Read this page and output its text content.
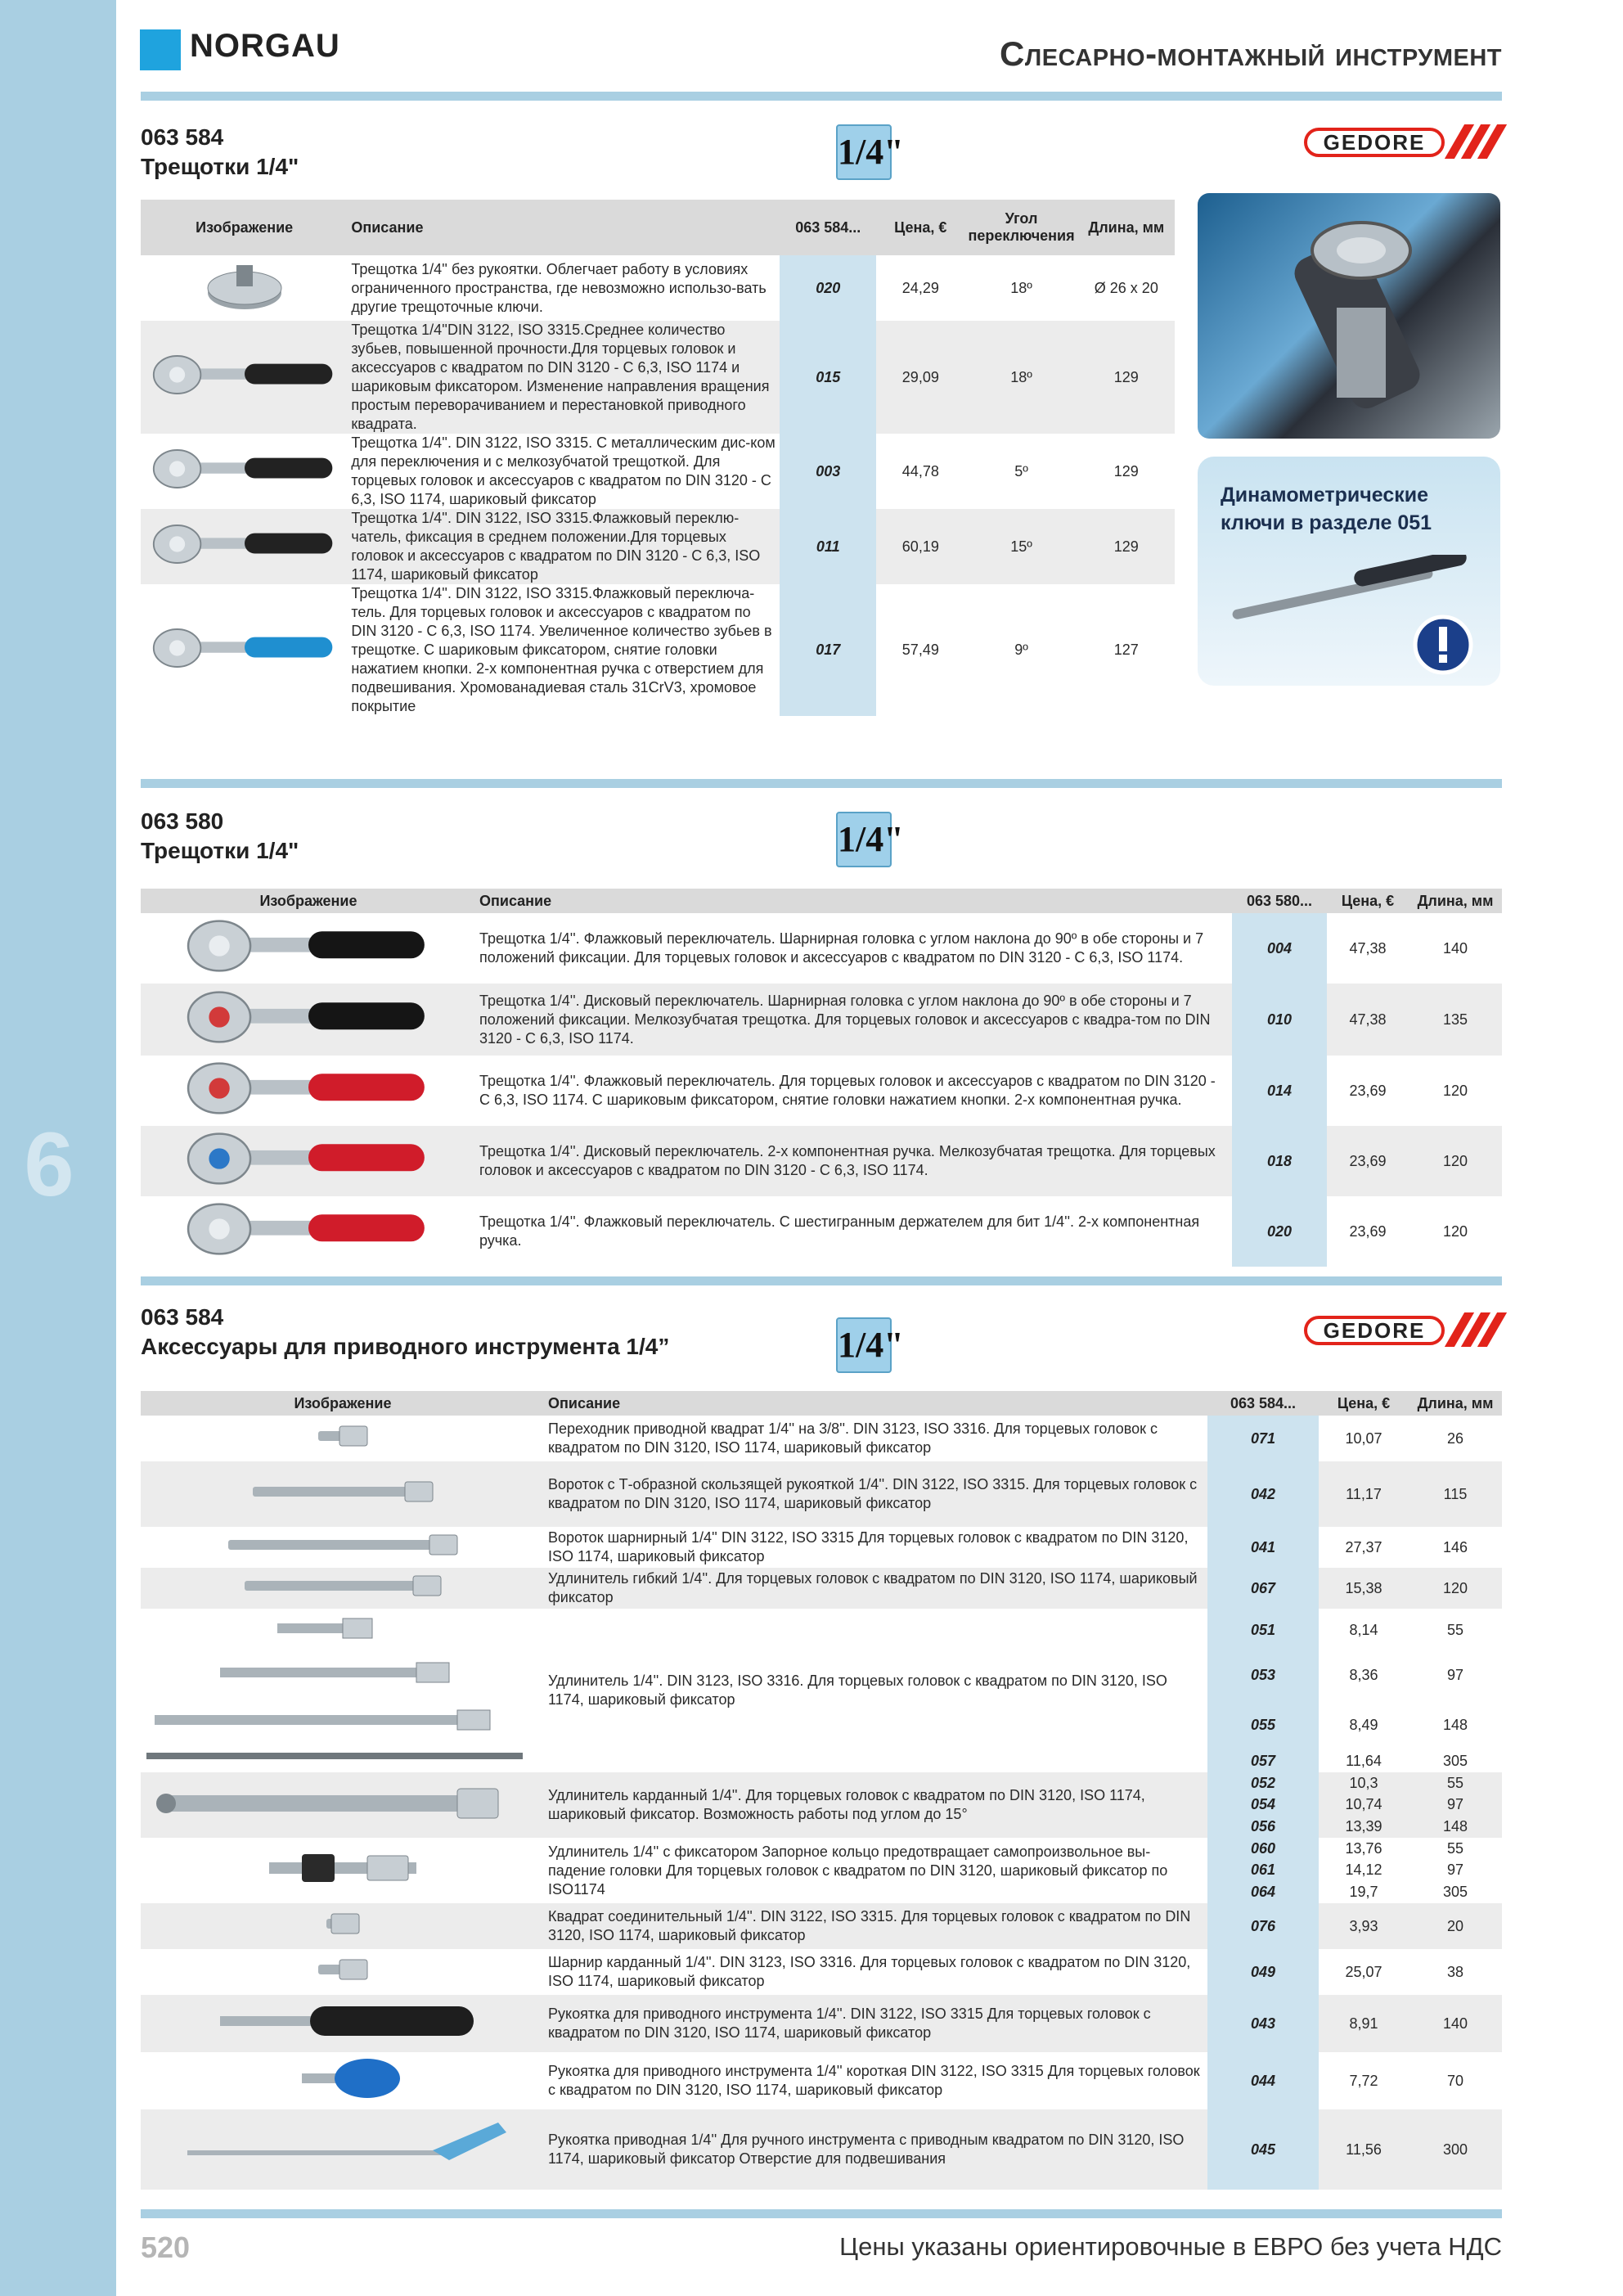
6
NORGAU	Слесарно-монтажный инструмент
063 584
Трещотки 1/4"	1/4"	GEDORE
Изображение	Описание	063 584...	Цена, €	Угол переключения	Длина, мм
	Трещотка 1/4'' без рукоятки. Облегчает работу в условиях ограниченного пространства, где невозможно использо-вать другие трещоточные ключи.	020	24,29	18º	Ø 26 x 20
	Трещотка 1/4''DIN 3122, ISO 3315.Среднее количество зубьев, повышенной прочности.Для торцевых головок и аксессуаров с квадратом по DIN 3120 - C 6,3, ISO 1174 и шариковым фиксатором. Изменение направления вращения простым переворачиванием и перестановкой приводного квадрата.	015	29,09	18º	129
	Трещотка 1/4''. DIN 3122, ISO 3315. С металлическим дис-ком для переключения и с мелкозубчатой трещоткой. Для торцевых головок и аксессуаров с квадратом по DIN 3120 - C 6,3, ISO 1174, шариковый фиксатор	003	44,78	5º	129
	Трещотка 1/4''. DIN 3122, ISO 3315.Флажковый переклю-чатель, фиксация в среднем положении.Для торцевых головок и аксессуаров с квадратом по DIN 3120 - C 6,3, ISO 1174, шариковый фиксатор	011	60,19	15º	129
	Трещотка 1/4''. DIN 3122, ISO 3315.Флажковый переключа-тель. Для торцевых головок и аксессуаров с квадратом по DIN 3120 - C 6,3, ISO 1174. Увеличенное количество зубьев в трещотке. С шариковым фиксатором, снятие головки нажатием кнопки. 2-х компонентная ручка с отверстием для подвешивания. Хромованадиевая сталь 31CrV3, хромовое покрытие	017	57,49	9º	127
Динамометрические ключи в разделе 051
063 580
Трещотки 1/4"	1/4"
Изображение	Описание	063 580...	Цена, €	Длина, мм
	Трещотка 1/4''. Флажковый переключатель. Шарнирная головка с углом наклона до 90º в обе стороны и 7 положений фиксации. Для торцевых головок и аксессуаров с квадратом по DIN 3120 - C 6,3, ISO 1174.	004	47,38	140
	Трещотка 1/4''. Дисковый переключатель. Шарнирная головка с углом наклона до 90º в обе стороны и 7 положений фиксации. Мелкозубчатая трещотка. Для торцевых головок и аксессуаров с квадра-том по DIN 3120 - C 6,3, ISO 1174.	010	47,38	135
	Трещотка 1/4''. Флажковый переключатель. Для торцевых головок и аксессуаров с квадратом по DIN 3120 - C 6,3, ISO 1174. С шариковым фиксатором, снятие головки нажатием кнопки. 2-х компонентная ручка.	014	23,69	120
	Трещотка 1/4''. Дисковый переключатель. 2-х компонентная ручка. Мелкозубчатая трещотка. Для торцевых головок и аксессуаров с квадратом по DIN 3120 - C 6,3, ISO 1174.	018	23,69	120
	Трещотка 1/4''. Флажковый переключатель. С шестигранным держателем для бит 1/4''. 2-х компонентная ручка.	020	23,69	120
063 584
Аксессуары для приводного инструмента 1/4”	1/4"	GEDORE
Изображение	Описание	063 584...	Цена, €	Длина, мм
	Переходник приводной квадрат 1/4'' на 3/8''. DIN 3123, ISO 3316. Для торцевых головок с квадратом по DIN 3120, ISO 1174, шариковый фиксатор	071	10,07	26
	Вороток с Т-образной скользящей рукояткой 1/4''. DIN 3122, ISO 3315. Для торцевых головок с квадратом по DIN 3120, ISO 1174, шариковый фиксатор	042	11,17	115
	Вороток шарнирный 1/4'' DIN 3122, ISO 3315 Для торцевых головок с квадратом по DIN 3120, ISO 1174, шариковый фиксатор	041	27,37	146
	Удлинитель гибкий 1/4''. Для торцевых головок с квадратом по DIN 3120, ISO 1174, шариковый фиксатор	067	15,38	120
	Удлинитель 1/4''. DIN 3123, ISO 3316. Для торцевых головок с квадратом по DIN 3120, ISO 1174, шариковый фиксатор	051	8,14	55
		053	8,36	97
		055	8,49	148
		057	11,64	305
	Удлинитель карданный 1/4''. Для торцевых головок с квадратом по DIN 3120, ISO 1174, шариковый фиксатор. Возможность работы под углом до 15°	052	10,3	55
		054	10,74	97
		056	13,39	148
	Удлинитель 1/4'' с фиксатором Запорное кольцо предотвращает самопроизвольное вы-падение головки Для торцевых головок с квадратом по DIN 3120, шариковый фиксатор по ISO1174	060	13,76	55
		061	14,12	97
		064	19,7	305
	Квадрат соединительный 1/4''. DIN 3122, ISO 3315. Для торцевых головок с квадратом по DIN 3120, ISO 1174, шариковый фиксатор	076	3,93	20
	Шарнир карданный 1/4''. DIN 3123, ISO 3316. Для торцевых головок с квадратом по DIN 3120, ISO 1174, шариковый фиксатор	049	25,07	38
	Рукоятка для приводного инструмента 1/4''. DIN 3122, ISO 3315 Для торцевых головок с квадратом по DIN 3120, ISO 1174, шариковый фиксатор	043	8,91	140
	Рукоятка для приводного инструмента 1/4'' короткая DIN 3122, ISO 3315 Для торцевых головок с квадратом по DIN 3120, ISO 1174, шариковый фиксатор	044	7,72	70
	Рукоятка приводная 1/4'' Для ручного инструмента с приводным квадратом по DIN 3120, ISO 1174, шариковый фиксатор Отверстие для подвешивания	045	11,56	300
520	Цены указаны ориентировочные в ЕВРО без учета НДС
